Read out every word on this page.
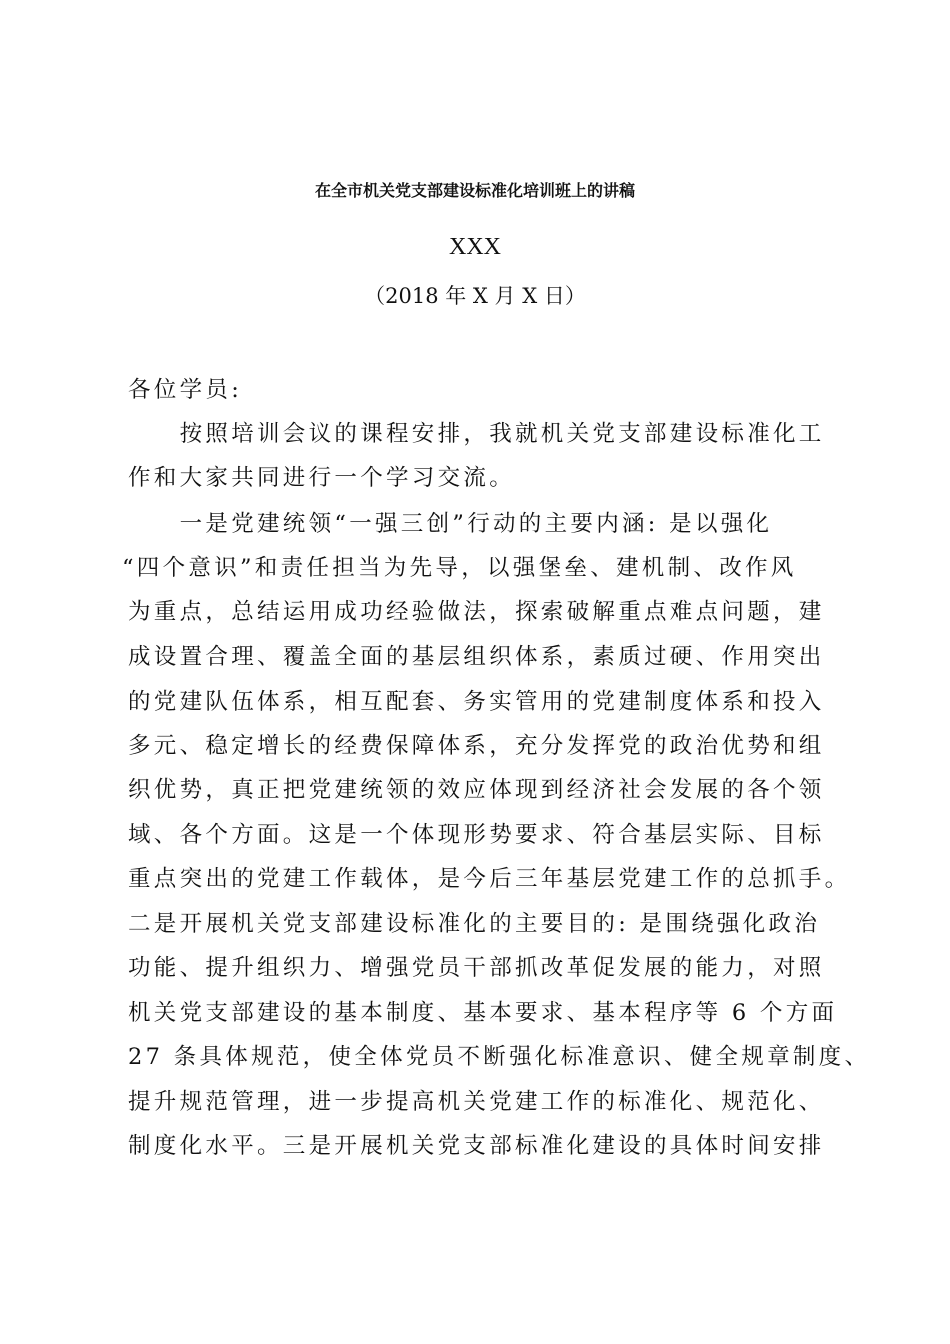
在全市机关党支部建设标准化培训班上的讲稿
XXX
（2018 年 X 月 X 日）
各位学员:
　　按照培训会议的课程安排，我就机关党支部建设标准化工
作和大家共同进行一个学习交流。
　　一是党建统领“一强三创”行动的主要内涵: 是以强化
“四个意识”和责任担当为先导，以强堡垒、建机制、改作风
为重点，总结运用成功经验做法，探索破解重点难点问题，建
成设置合理、覆盖全面的基层组织体系，素质过硬、作用突出
的党建队伍体系，相互配套、务实管用的党建制度体系和投入
多元、稳定增长的经费保障体系，充分发挥党的政治优势和组
织优势，真正把党建统领的效应体现到经济社会发展的各个领
域、各个方面。这是一个体现形势要求、符合基层实际、目标
重点突出的党建工作载体，是今后三年基层党建工作的总抓手。
二是开展机关党支部建设标准化的主要目的: 是围绕强化政治
功能、提升组织力、增强党员干部抓改革促发展的能力，对照
机关党支部建设的基本制度、基本要求、基本程序等 6 个方面
27 条具体规范，使全体党员不断强化标准意识、健全规章制度、
提升规范管理，进一步提高机关党建工作的标准化、规范化、
制度化水平。三是开展机关党支部标准化建设的具体时间安排
